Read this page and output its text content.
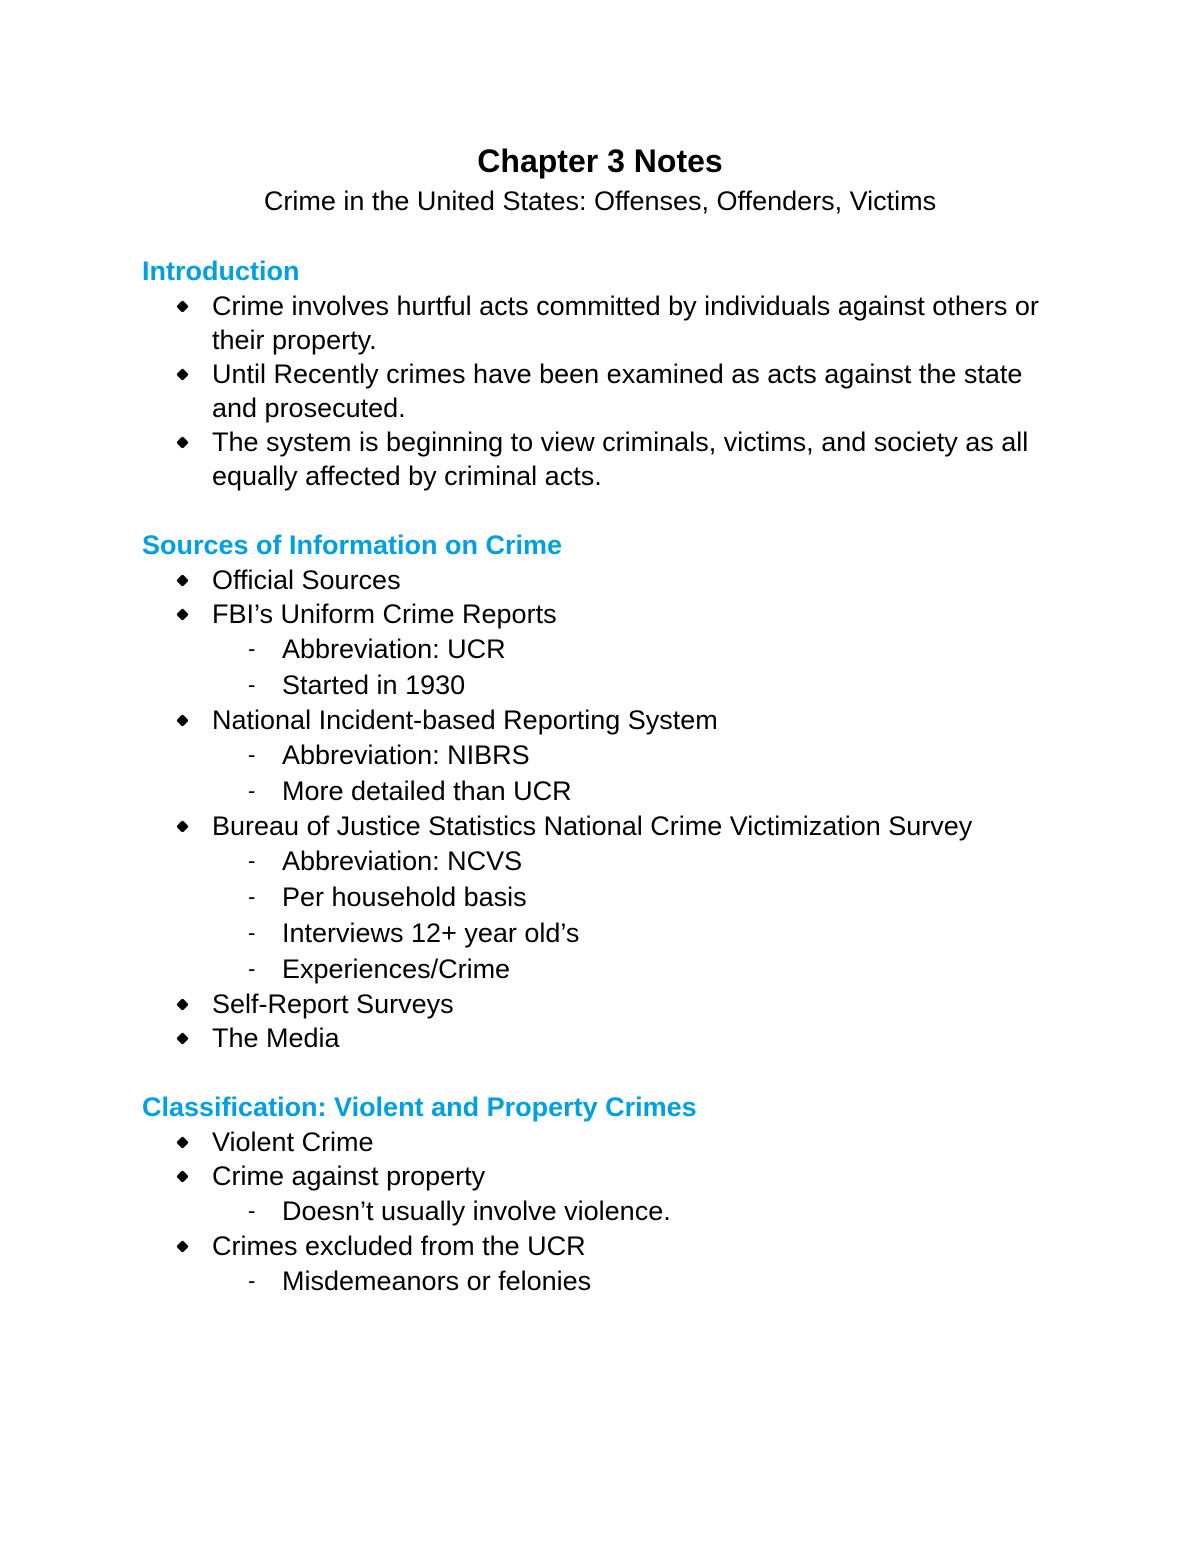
Chapter 3 Notes

Crime in the United States: Offenses, Offenders, Victims

Introduction
Crime involves hurtful acts committed by individuals against others or their property.
Until Recently crimes have been examined as acts against the state and prosecuted.
The system is beginning to view criminals, victims, and society as all equally affected by criminal acts.
Sources of Information on Crime
Official Sources
FBI’s Uniform Crime Reports
- Abbreviation: UCR
- Started in 1930
National Incident-based Reporting System
- Abbreviation: NIBRS
- More detailed than UCR
Bureau of Justice Statistics National Crime Victimization Survey
- Abbreviation: NCVS
- Per household basis
- Interviews 12+ year old’s
- Experiences/Crime
Self-Report Surveys
The Media
Classification: Violent and Property Crimes
Violent Crime
Crime against property
- Doesn’t usually involve violence.
Crimes excluded from the UCR
- Misdemeanors or felonies
